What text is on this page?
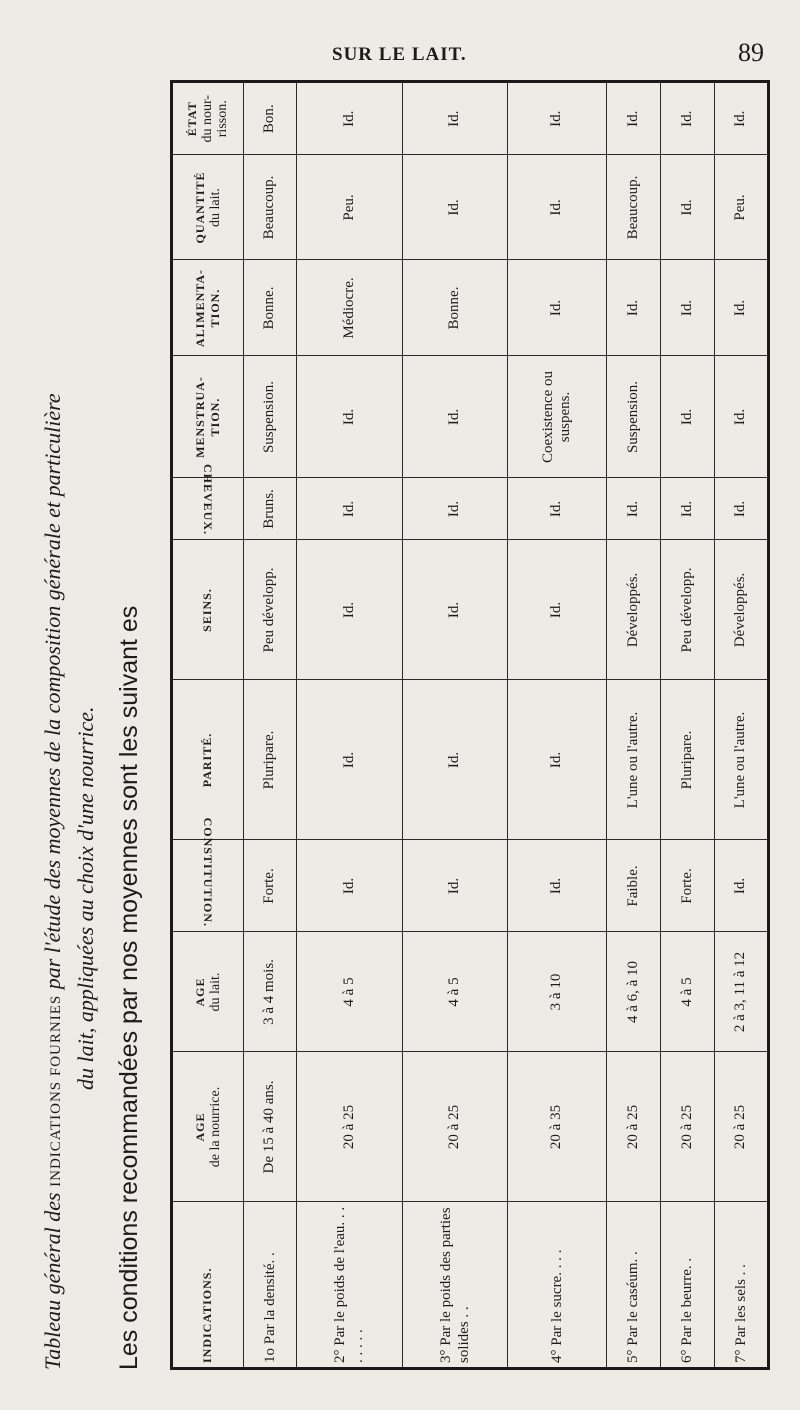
SUR LE LAIT.	89
Tableau général des INDICATIONS FOURNIES par l'étude des moyennes de la composition générale et particulière du lait, appliquées au choix d'une nourrice. Les conditions recommandées par nos moyennes sont les suivant es	INDICATIONS.	AGE
de la nourrice.	AGE
du lait.	CONSTITUTION.	PARITÉ.	SEINS.	CHEVEUX.	MENSTRUA-TION.	ALIMENTA-TION.	QUANTITÉ
du lait.	ÉTAT
du nour-risson.
1o Par la densité. .	De 15 à 40 ans.	3 à 4 mois.	Forte.	Pluripare.	Peu développ.	Bruns.	Suspension.	Bonne.	Beaucoup.	Bon.
2° Par le poids de l'eau. . . . . . . .	20 à 25	4 à 5	Id.	Id.	Id.	Id.	Id.	Médiocre.	Peu.	Id.
3° Par le poids des parties solides . .	20 à 25	4 à 5	Id.	Id.	Id.	Id.	Id.	Bonne.	Id.	Id.
4° Par le sucre. . . .	20 à 35	3 à 10	Id.	Id.	Id.	Id.	Coexistence ou suspens.	Id.	Id.	Id.
5° Par le caséum. .	20 à 25	4 à 6, à 10	Faible.	L'une ou l'autre.	Développés.	Id.	Suspension.	Id.	Beaucoup.	Id.
6° Par le beurre. .	20 à 25	4 à 5	Forte.	Pluripare.	Peu développ.	Id.	Id.	Id.	Id.	Id.
7° Par les sels . .	20 à 25	2 à 3, 11 à 12	Id.	L'une ou l'autre.	Développés.	Id.	Id.	Id.	Peu.	Id.
